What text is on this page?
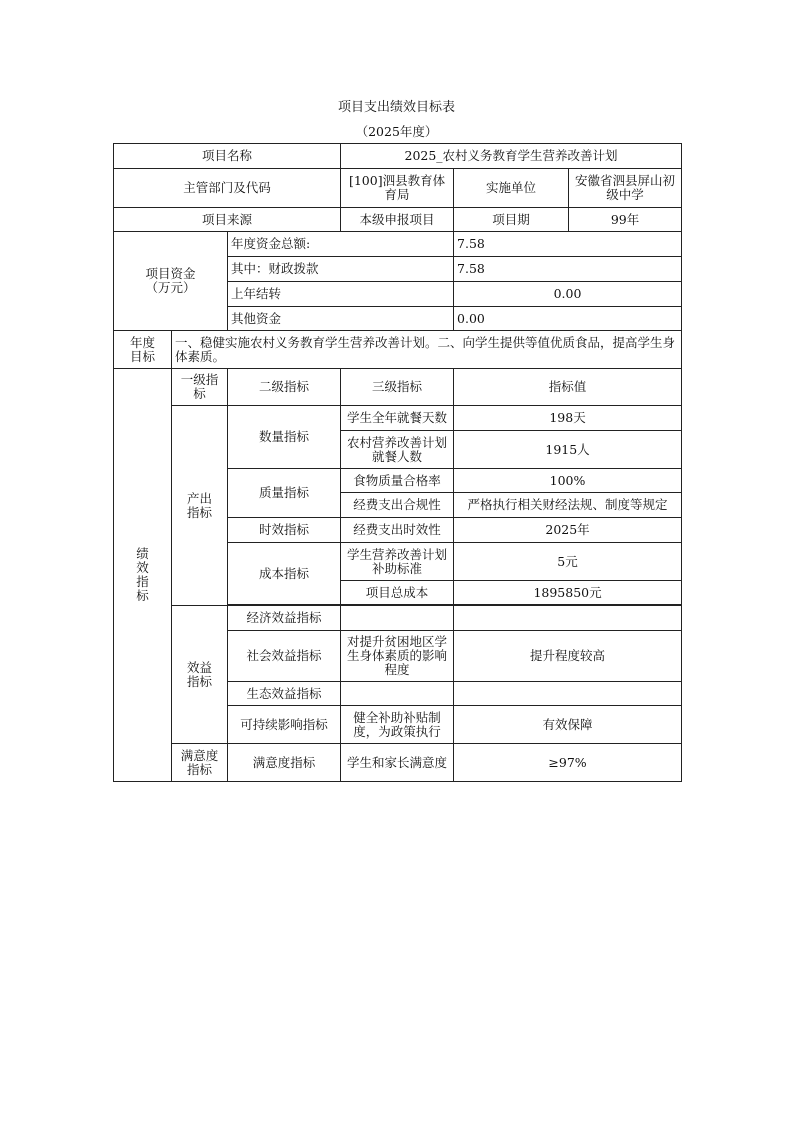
项目支出绩效目标表
（2025年度）
项目名称			2025_农村义务教育学生营养改善计划		
主管部门及代码			[100]泗县教育体育局	实施单位	安徽省泗县屏山初级中学
项目来源			本级申报项目	项目期	99年

项目资金
（万元）		年度资金总额:		7.58	
		其中：财政拨款		7.58	
		上年结转		0.00	
		其他资金		0.00	

年度
目标	一、稳健实施农村义务教育学生营养改善计划。二、向学生提供等值优质食品，提高学生身体素质。				

绩效指标	一级指标	二级指标	三级指标	指标值	

	产出指标	数量指标	学生全年就餐天数	198天	
			农村营养改善计划就餐人数	1915人	
		质量指标	食物质量合格率	100%	
			经费支出合规性	严格执行相关财经法规、制度等规定	
		时效指标	经费支出时效性	2025年	
		成本指标	学生营养改善计划补助标准	5元	
			项目总成本	1895850元	

	效益指标	经济效益指标			
		社会效益指标	对提升贫困地区学生身体素质的影响程度	提升程度较高	
		生态效益指标			
		可持续影响指标	健全补助补贴制度，为政策执行	有效保障	

	满意度指标	满意度指标	学生和家长满意度	≥97%	
